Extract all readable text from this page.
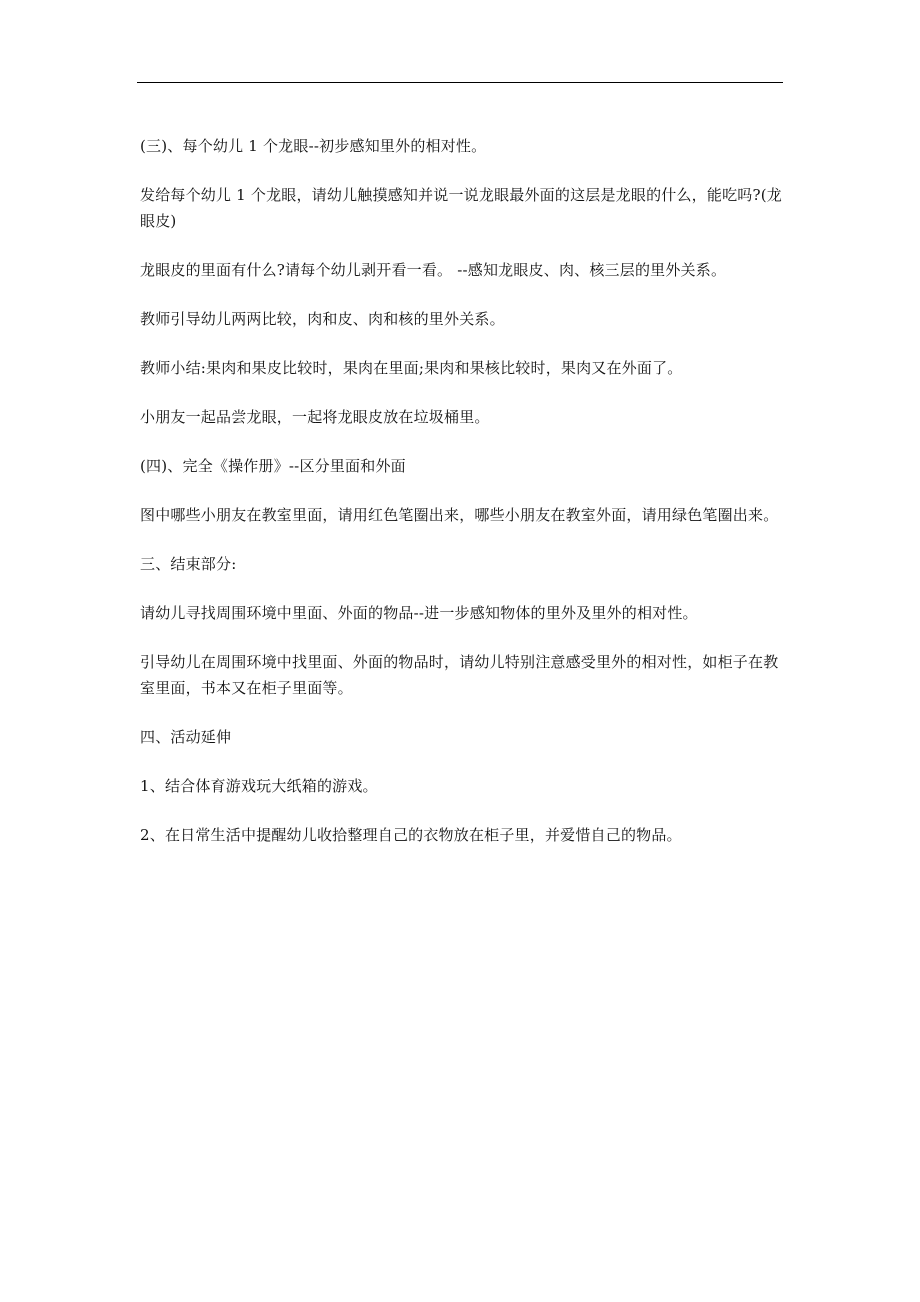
(三)、每个幼儿 1 个龙眼--初步感知里外的相对性。

发给每个幼儿 1 个龙眼，请幼儿触摸感知并说一说龙眼最外面的这层是龙眼的什么，能吃吗?(龙眼皮)

龙眼皮的里面有什么?请每个幼儿剥开看一看。 --感知龙眼皮、肉、核三层的里外关系。

教师引导幼儿两两比较，肉和皮、肉和核的里外关系。

教师小结:果肉和果皮比较时，果肉在里面;果肉和果核比较时，果肉又在外面了。

小朋友一起品尝龙眼，一起将龙眼皮放在垃圾桶里。

(四)、完全《操作册》--区分里面和外面

图中哪些小朋友在教室里面，请用红色笔圈出来，哪些小朋友在教室外面，请用绿色笔圈出来。

三、结束部分:

请幼儿寻找周围环境中里面、外面的物品--进一步感知物体的里外及里外的相对性。

引导幼儿在周围环境中找里面、外面的物品时，请幼儿特别注意感受里外的相对性，如柜子在教室里面，书本又在柜子里面等。

四、活动延伸

1、结合体育游戏玩大纸箱的游戏。

2、在日常生活中提醒幼儿收拾整理自己的衣物放在柜子里，并爱惜自己的物品。
